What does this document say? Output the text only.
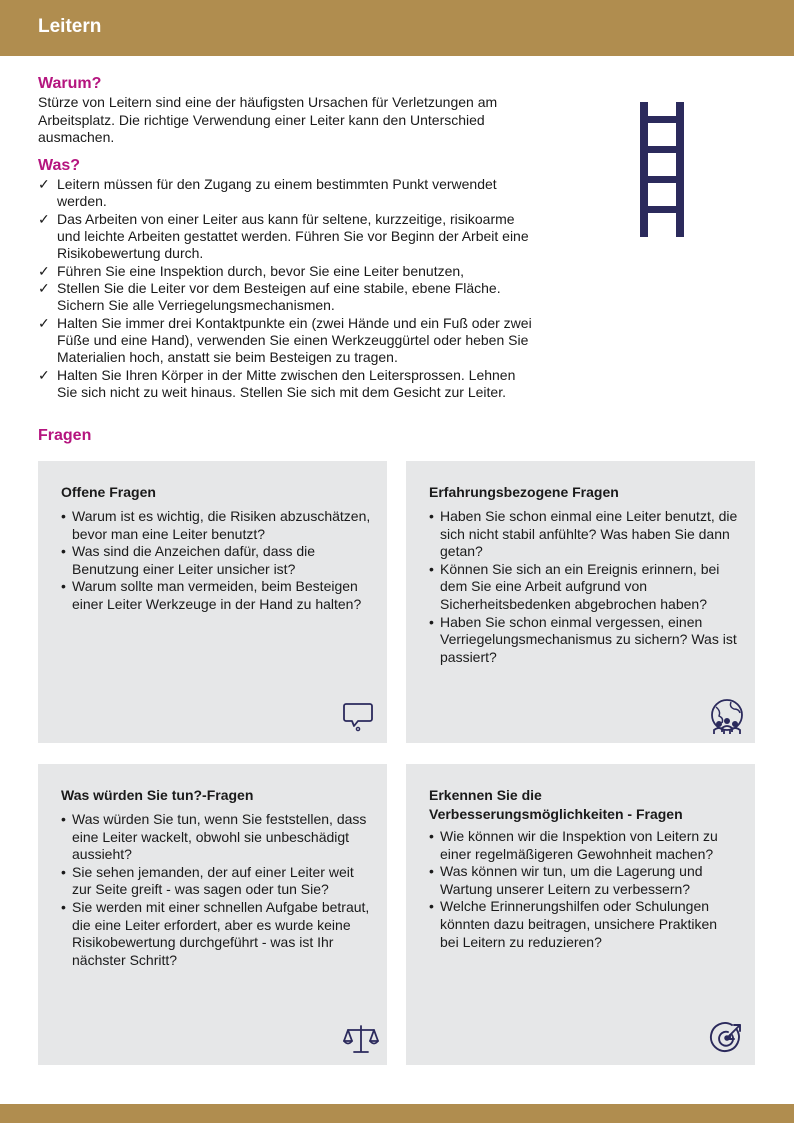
Leitern
Warum?

Stürze von Leitern sind eine der häufigsten Ursachen für Verletzungen am Arbeitsplatz. Die richtige Verwendung einer Leiter kann den Unterschied ausmachen.

Was?
✓ Leitern müssen für den Zugang zu einem bestimmten Punkt verwendet werden.
✓ Das Arbeiten von einer Leiter aus kann für seltene, kurzzeitige, risikoarme und leichte Arbeiten gestattet werden. Führen Sie vor Beginn der Arbeit eine Risikobewertung durch.
✓ Führen Sie eine Inspektion durch, bevor Sie eine Leiter benutzen,
✓ Stellen Sie die Leiter vor dem Besteigen auf eine stabile, ebene Fläche. Sichern Sie alle Verriegelungsmechanismen.
✓ Halten Sie immer drei Kontaktpunkte ein (zwei Hände und ein Fuß oder zwei Füße und eine Hand), verwenden Sie einen Werkzeuggürtel oder heben Sie Materialien hoch, anstatt sie beim Besteigen zu tragen.
✓ Halten Sie Ihren Körper in der Mitte zwischen den Leitersprossen. Lehnen Sie sich nicht zu weit hinaus. Stellen Sie sich mit dem Gesicht zur Leiter.
Fragen
Offene Fragen
• Warum ist es wichtig, die Risiken abzuschätzen, bevor man eine Leiter benutzt?
• Was sind die Anzeichen dafür, dass die Benutzung einer Leiter unsicher ist?
• Warum sollte man vermeiden, beim Besteigen einer Leiter Werkzeuge in der Hand zu halten?
Erfahrungsbezogene Fragen
• Haben Sie schon einmal eine Leiter benutzt, die sich nicht stabil anfühlte? Was haben Sie dann getan?
• Können Sie sich an ein Ereignis erinnern, bei dem Sie eine Arbeit aufgrund von Sicherheitsbedenken abgebrochen haben?
• Haben Sie schon einmal vergessen, einen Verriegelungsmechanismus zu sichern? Was ist passiert?
Was würden Sie tun?-Fragen
• Was würden Sie tun, wenn Sie feststellen, dass eine Leiter wackelt, obwohl sie unbeschädigt aussieht?
• Sie sehen jemanden, der auf einer Leiter weit zur Seite greift - was sagen oder tun Sie?
• Sie werden mit einer schnellen Aufgabe betraut, die eine Leiter erfordert, aber es wurde keine Risikobewertung durchgeführt - was ist Ihr nächster Schritt?
Erkennen Sie die Verbesserungsmöglichkeiten - Fragen
• Wie können wir die Inspektion von Leitern zu einer regelmäßigeren Gewohnheit machen?
• Was können wir tun, um die Lagerung und Wartung unserer Leitern zu verbessern?
• Welche Erinnerungshilfen oder Schulungen könnten dazu beitragen, unsichere Praktiken bei Leitern zu reduzieren?
